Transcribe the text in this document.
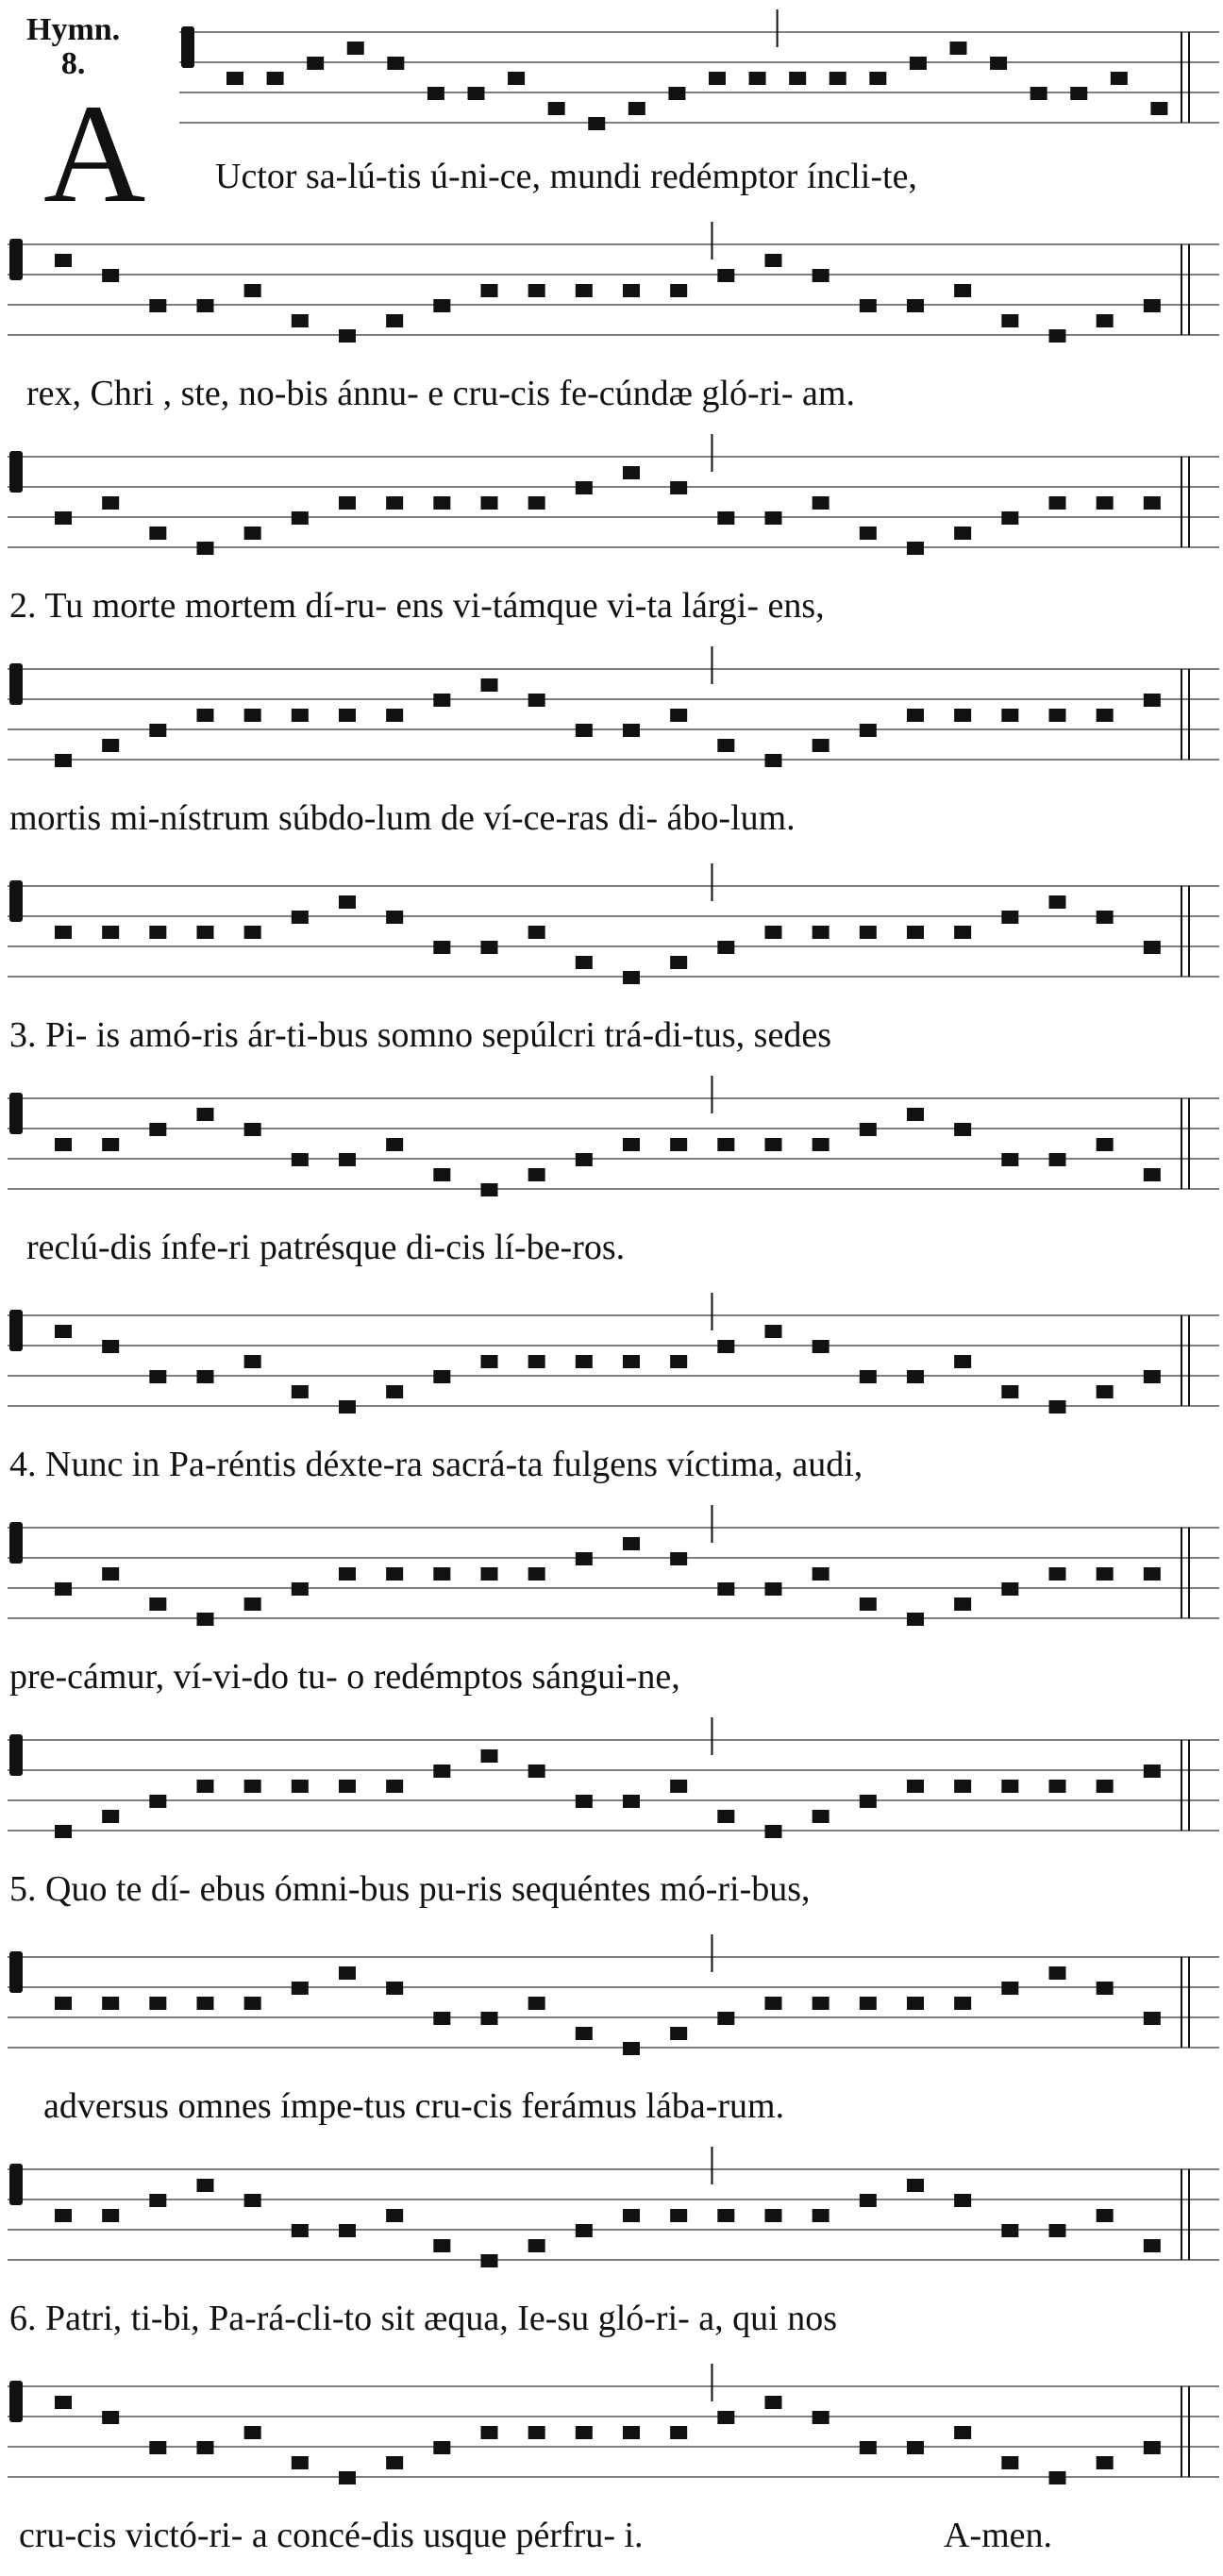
Hymn.
8.
A Uctor sa-lú-tis ú-ni-ce, mundi redémptor íncli-te,
rex, Chri , ste, no-bis ánnu- e cru-cis fe-cúndæ gló-ri- am.
2. Tu morte mortem dí-ru- ens vi-támque vi-ta lárgi- ens,
mortis mi-nístrum súbdo-lum de ví-ce-ras di- ábo-lum.
3. Pi- is amó-ris ár-ti-bus somno sepúlcri trá-di-tus, sedes
reclú-dis ínfe-ri patrésque di-cis lí-be-ros.
4. Nunc in Pa-réntis déxte-ra sacrá-ta fulgens víctima, audi,
pre-cámur, ví-vi-do tu- o redémptos sángui-ne,
5. Quo te dí- ebus ómni-bus pu-ris sequéntes mó-ri-bus,
adversus omnes ímpe-tus cru-cis ferámus lába-rum.
6. Patri, ti-bi, Pa-rá-cli-to sit æqua, Ie-su gló-ri- a, qui nos
cru-cis victó-ri- a concé-dis usque pérfru- i.	A-men.
